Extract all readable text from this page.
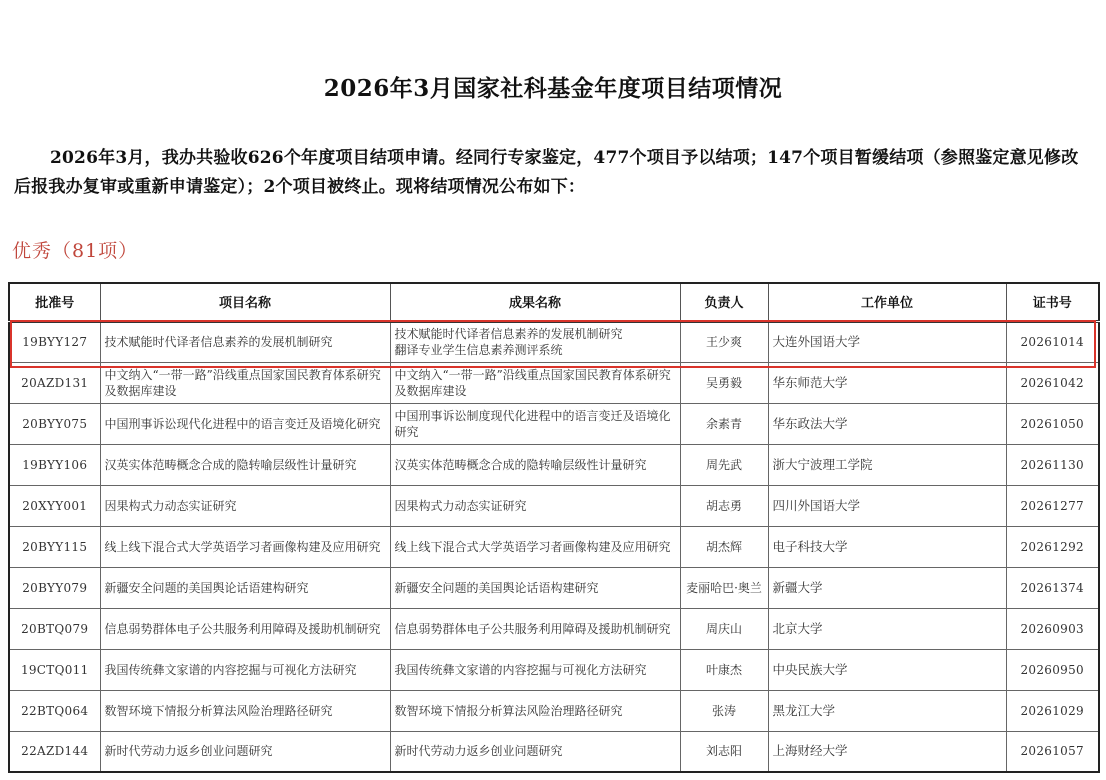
2026年3月国家社科基金年度项目结项情况
2026年3月，我办共验收626个年度项目结项申请。经同行专家鉴定，477个项目予以结项；147个项目暂缓结项（参照鉴定意见修改后报我办复审或重新申请鉴定）；2个项目被终止。现将结项情况公布如下：
优秀（81项）
批准号	项目名称	成果名称	负责人	工作单位	证书号
19BYY127	技术赋能时代译者信息素养的发展机制研究	技术赋能时代译者信息素养的发展机制研究
翻译专业学生信息素养测评系统	王少爽	大连外国语大学	20261014
20AZD131	中文纳入“一带一路”沿线重点国家国民教育体系研究及数据库建设	中文纳入“一带一路”沿线重点国家国民教育体系研究及数据库建设	吴勇毅	华东师范大学	20261042
20BYY075	中国刑事诉讼现代化进程中的语言变迁及语境化研究	中国刑事诉讼制度现代化进程中的语言变迁及语境化研究	余素青	华东政法大学	20261050
19BYY106	汉英实体范畴概念合成的隐转喻层级性计量研究	汉英实体范畴概念合成的隐转喻层级性计量研究	周先武	浙大宁波理工学院	20261130
20XYY001	因果构式力动态实证研究	因果构式力动态实证研究	胡志勇	四川外国语大学	20261277
20BYY115	线上线下混合式大学英语学习者画像构建及应用研究	线上线下混合式大学英语学习者画像构建及应用研究	胡杰辉	电子科技大学	20261292
20BYY079	新疆安全问题的美国舆论话语建构研究	新疆安全问题的美国舆论话语构建研究	麦丽哈巴·奥兰	新疆大学	20261374
20BTQ079	信息弱势群体电子公共服务利用障碍及援助机制研究	信息弱势群体电子公共服务利用障碍及援助机制研究	周庆山	北京大学	20260903
19CTQ011	我国传统彝文家谱的内容挖掘与可视化方法研究	我国传统彝文家谱的内容挖掘与可视化方法研究	叶康杰	中央民族大学	20260950
22BTQ064	数智环境下情报分析算法风险治理路径研究	数智环境下情报分析算法风险治理路径研究	张涛	黑龙江大学	20261029
22AZD144	新时代劳动力返乡创业问题研究	新时代劳动力返乡创业问题研究	刘志阳	上海财经大学	20261057
